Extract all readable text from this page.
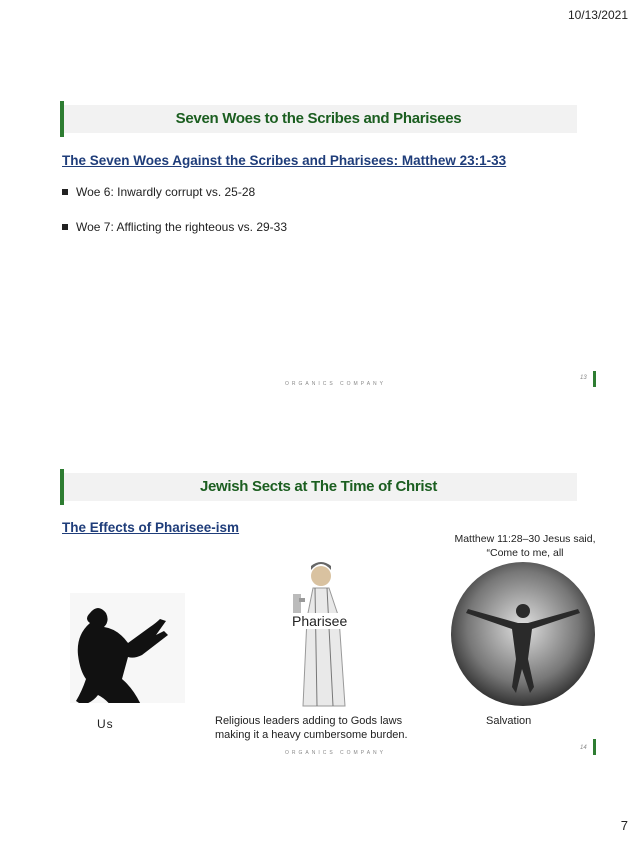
10/13/2021
Seven Woes to the Scribes and Pharisees
The Seven Woes Against the Scribes and Pharisees: Matthew 23:1-33
Woe 6: Inwardly corrupt vs. 25-28
Woe 7: Afflicting the righteous vs. 29-33
ORGANICS COMPANY
13
Jewish Sects at The Time of Christ
The Effects of Pharisee-ism
Matthew 11:28–30 Jesus said, “Come to me, all
Pharisee
Us	Religious leaders adding to Gods laws making it a heavy cumbersome burden.
Salvation
ORGANICS COMPANY
14
7
